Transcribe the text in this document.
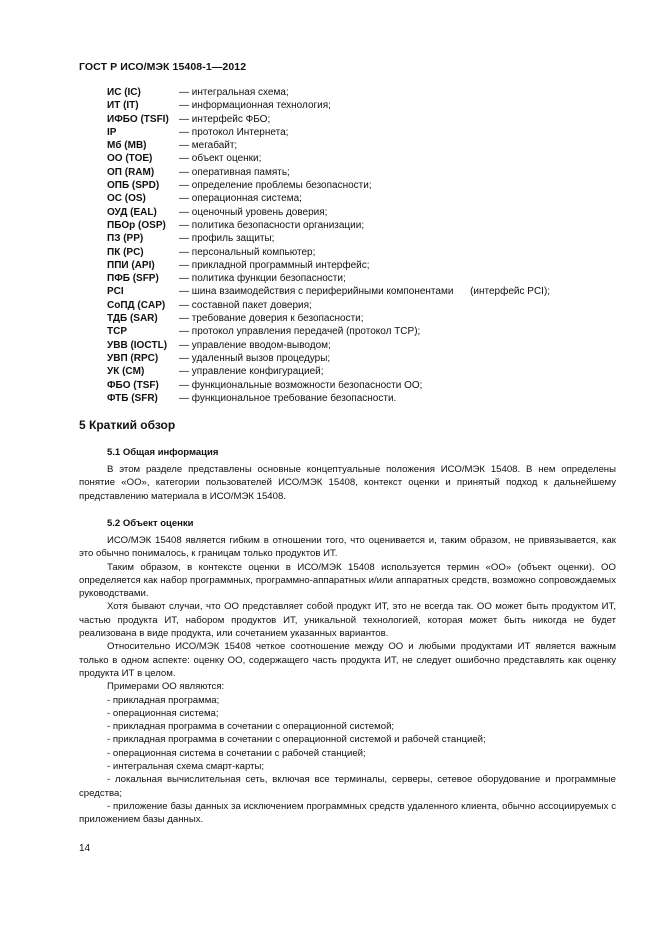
ГОСТ Р ИСО/МЭК 15408-1—2012
ИС (IC)	— интегральная схема;
ИТ (IT)	— информационная технология;
ИФБО (TSFI) — интерфейс ФБО;
IP	— протокол Интернета;
Мб (MB)	— мегабайт;
ОО (TOE)	— объект оценки;
ОП (RAM) — оперативная память;
ОПБ (SPD) — определение проблемы безопасности;
ОС (OS)	— операционная система;
ОУД (EAL) — оценочный уровень доверия;
ПБОр (OSP) — политика безопасности организации;
ПЗ (PP)	— профиль защиты;
ПК (PC)	— персональный компьютер;
ППИ (API) — прикладной программный интерфейс;
ПФБ (SFP) — политика функции безопасности;
PCI	— шина взаимодействия с периферийными компонентами      (интерфейс PCI);
СоПД (CAP) — составной пакет доверия;
ТДБ (SAR) — требование доверия к безопасности;
TCP	— протокол управления передачей (протокол TCP);
УВВ (IOCTL) — управление вводом-выводом;
УВП (RPC) — удаленный вызов процедуры;
УК (CM)	— управление конфигурацией;
ФБО (TSF) — функциональные возможности безопасности ОО;
ФТБ (SFR) — функциональное требование безопасности.
5 Краткий обзор
5.1 Общая информация

В этом разделе представлены основные концептуальные положения ИСО/МЭК 15408. В нем определены понятие «ОО», категории пользователей ИСО/МЭК 15408, контекст оценки и принятый подход к дальнейшему представлению материала в ИСО/МЭК 15408.

5.2 Объект оценки

ИСО/МЭК 15408 является гибким в отношении того, что оценивается и, таким образом, не привязывается, как это обычно понималось, к границам только продуктов ИТ.

Таким образом, в контексте оценки в ИСО/МЭК 15408 используется термин «ОО» (объект оценки). ОО определяется как набор программных, программно-аппаратных и/или аппаратных средств, возможно сопровождаемых руководствами.

Хотя бывают случаи, что ОО представляет собой продукт ИТ, это не всегда так. ОО может быть продуктом ИТ, частью продукта ИТ, набором продуктов ИТ, уникальной технологией, которая может быть никогда не будет реализована в виде продукта, или сочетанием указанных вариантов.

Относительно ИСО/МЭК 15408 четкое соотношение между ОО и любыми продуктами ИТ является важным только в одном аспекте: оценку ОО, содержащего часть продукта ИТ, не следует ошибочно представлять как оценку продукта ИТ в целом.

Примерами ОО являются:

- прикладная программа;

- операционная система;

- прикладная программа в сочетании с операционной системой;

- прикладная программа в сочетании с операционной системой и рабочей станцией;

- операционная система в сочетании с рабочей станцией;

- интегральная схема смарт-карты;

- локальная вычислительная сеть, включая все терминалы, серверы, сетевое оборудование и программные средства;

- приложение базы данных за исключением программных средств удаленного клиента, обычно ассоциируемых с приложением базы данных.

14
